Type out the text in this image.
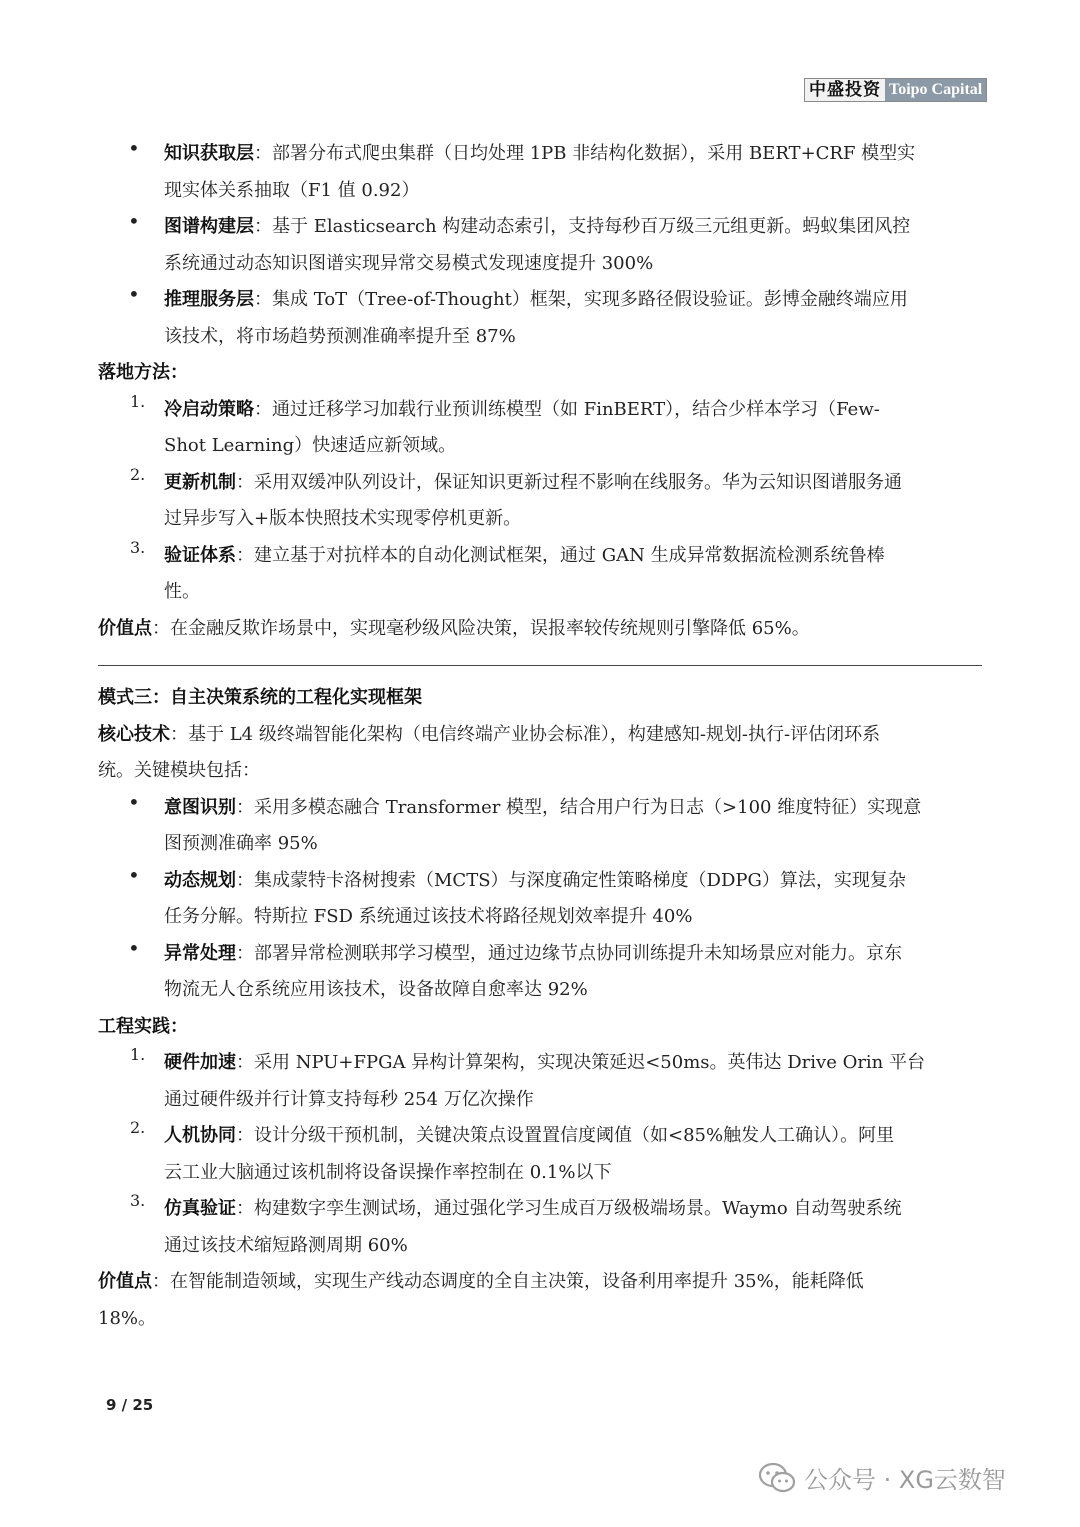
中盛投资 Toipo Capital
•	知识获取层：部署分布式爬虫集群（日均处理 1PB 非结构化数据），采用 BERT+CRF 模型实
现实体关系抽取（F1 值 0.92）
•	图谱构建层：基于 Elasticsearch 构建动态索引，支持每秒百万级三元组更新。蚂蚁集团风控
系统通过动态知识图谱实现异常交易模式发现速度提升 300%
•	推理服务层：集成 ToT（Tree-of-Thought）框架，实现多路径假设验证。彭博金融终端应用
该技术，将市场趋势预测准确率提升至 87%
落地方法：
1.	冷启动策略：通过迁移学习加载行业预训练模型（如 FinBERT），结合少样本学习（Few-
Shot Learning）快速适应新领域。
2.	更新机制：采用双缓冲队列设计，保证知识更新过程不影响在线服务。华为云知识图谱服务通
过异步写入+版本快照技术实现零停机更新。
3.	验证体系：建立基于对抗样本的自动化测试框架，通过 GAN 生成异常数据流检测系统鲁棒
性。
价值点：在金融反欺诈场景中，实现毫秒级风险决策，误报率较传统规则引擎降低 65%。
模式三：自主决策系统的工程化实现框架
核心技术：基于 L4 级终端智能化架构（电信终端产业协会标准），构建感知-规划-执行-评估闭环系
统。关键模块包括：
•	意图识别：采用多模态融合 Transformer 模型，结合用户行为日志（>100 维度特征）实现意
图预测准确率 95%
•	动态规划：集成蒙特卡洛树搜索（MCTS）与深度确定性策略梯度（DDPG）算法，实现复杂
任务分解。特斯拉 FSD 系统通过该技术将路径规划效率提升 40%
•	异常处理：部署异常检测联邦学习模型，通过边缘节点协同训练提升未知场景应对能力。京东
物流无人仓系统应用该技术，设备故障自愈率达 92%
工程实践：
1.	硬件加速：采用 NPU+FPGA 异构计算架构，实现决策延迟<50ms。英伟达 Drive Orin 平台
通过硬件级并行计算支持每秒 254 万亿次操作
2.	人机协同：设计分级干预机制，关键决策点设置置信度阈值（如<85%触发人工确认）。阿里
云工业大脑通过该机制将设备误操作率控制在 0.1%以下
3.	仿真验证：构建数字孪生测试场，通过强化学习生成百万级极端场景。Waymo 自动驾驶系统
通过该技术缩短路测周期 60%
价值点：在智能制造领域，实现生产线动态调度的全自主决策，设备利用率提升 35%，能耗降低
18%。
9 / 25
公众号 · XG云数智
